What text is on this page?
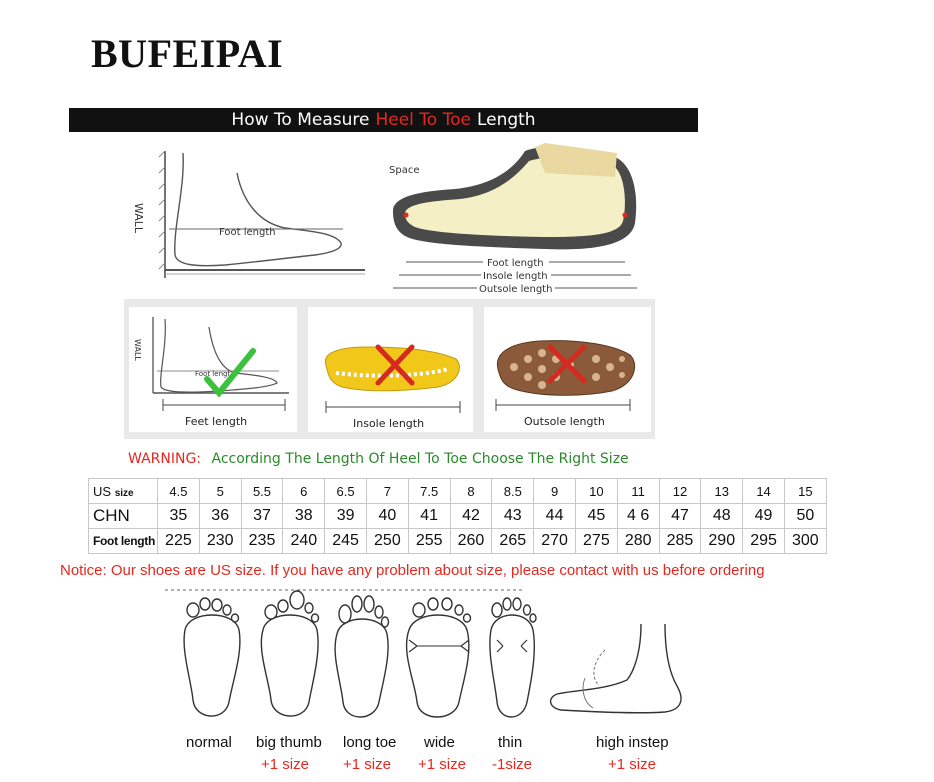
BUFEIPAI
How To Measure Heel To Toe Length
WALL	Foot length
Space
Foot length
Insole length
Outsole length
WALL
Foot lengt
Feet length	Insole length	Outsole length
WARNING: According The Length Of Heel To Toe Choose The Right Size
US size	4.5	5	5.5	6	6.5	7	7.5	8	8.5	9	10	11	12	13	14	15
CHN	35	36	37	38	39	40	41	42	43	44	45	4 6	47	48	49	50
Foot length	225	230	235	240	245	250	255	260	265	270	275	280	285	290	295	300
Notice: Our shoes are US size. If you have any problem about size, please contact with us before ordering
normal big thumb long toe wide	thin	high instep
+1 size +1 size +1 size -1size	+1 size
